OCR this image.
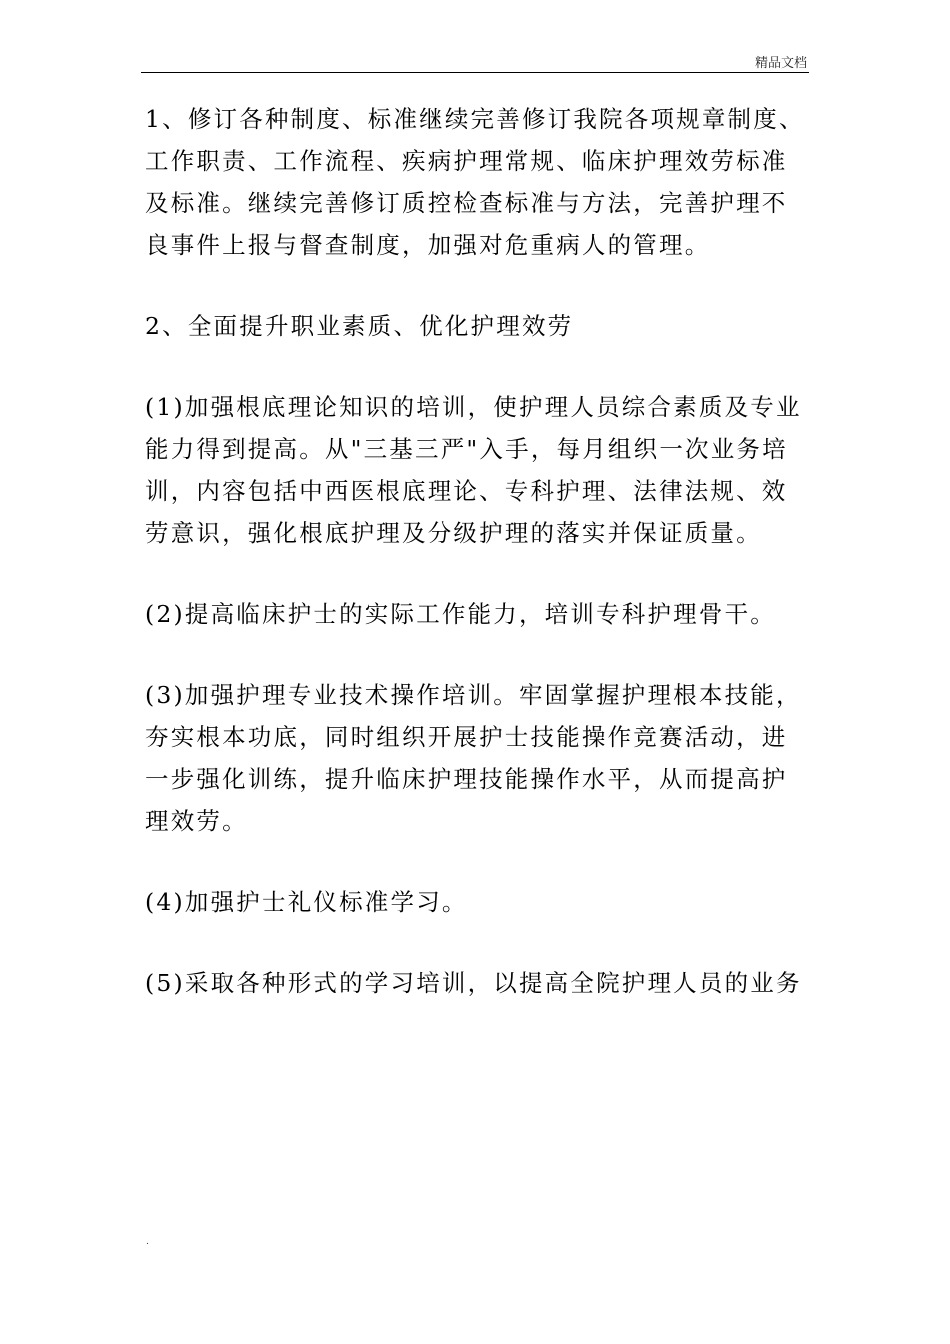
精品文档

1、修订各种制度、标准继续完善修订我院各项规章制度、工作职责、工作流程、疾病护理常规、临床护理效劳标准及标准。继续完善修订质控检查标准与方法，完善护理不良事件上报与督查制度，加强对危重病人的管理。

2、全面提升职业素质、优化护理效劳

(1)加强根底理论知识的培训，使护理人员综合素质及专业能力得到提高。从"三基三严"入手，每月组织一次业务培训，内容包括中西医根底理论、专科护理、法律法规、效劳意识，强化根底护理及分级护理的落实并保证质量。

(2)提高临床护士的实际工作能力，培训专科护理骨干。

(3)加强护理专业技术操作培训。牢固掌握护理根本技能，夯实根本功底，同时组织开展护士技能操作竞赛活动，进一步强化训练，提升临床护理技能操作水平，从而提高护理效劳。

(4)加强护士礼仪标准学习。

(5)采取各种形式的学习培训，以提高全院护理人员的业务

.
